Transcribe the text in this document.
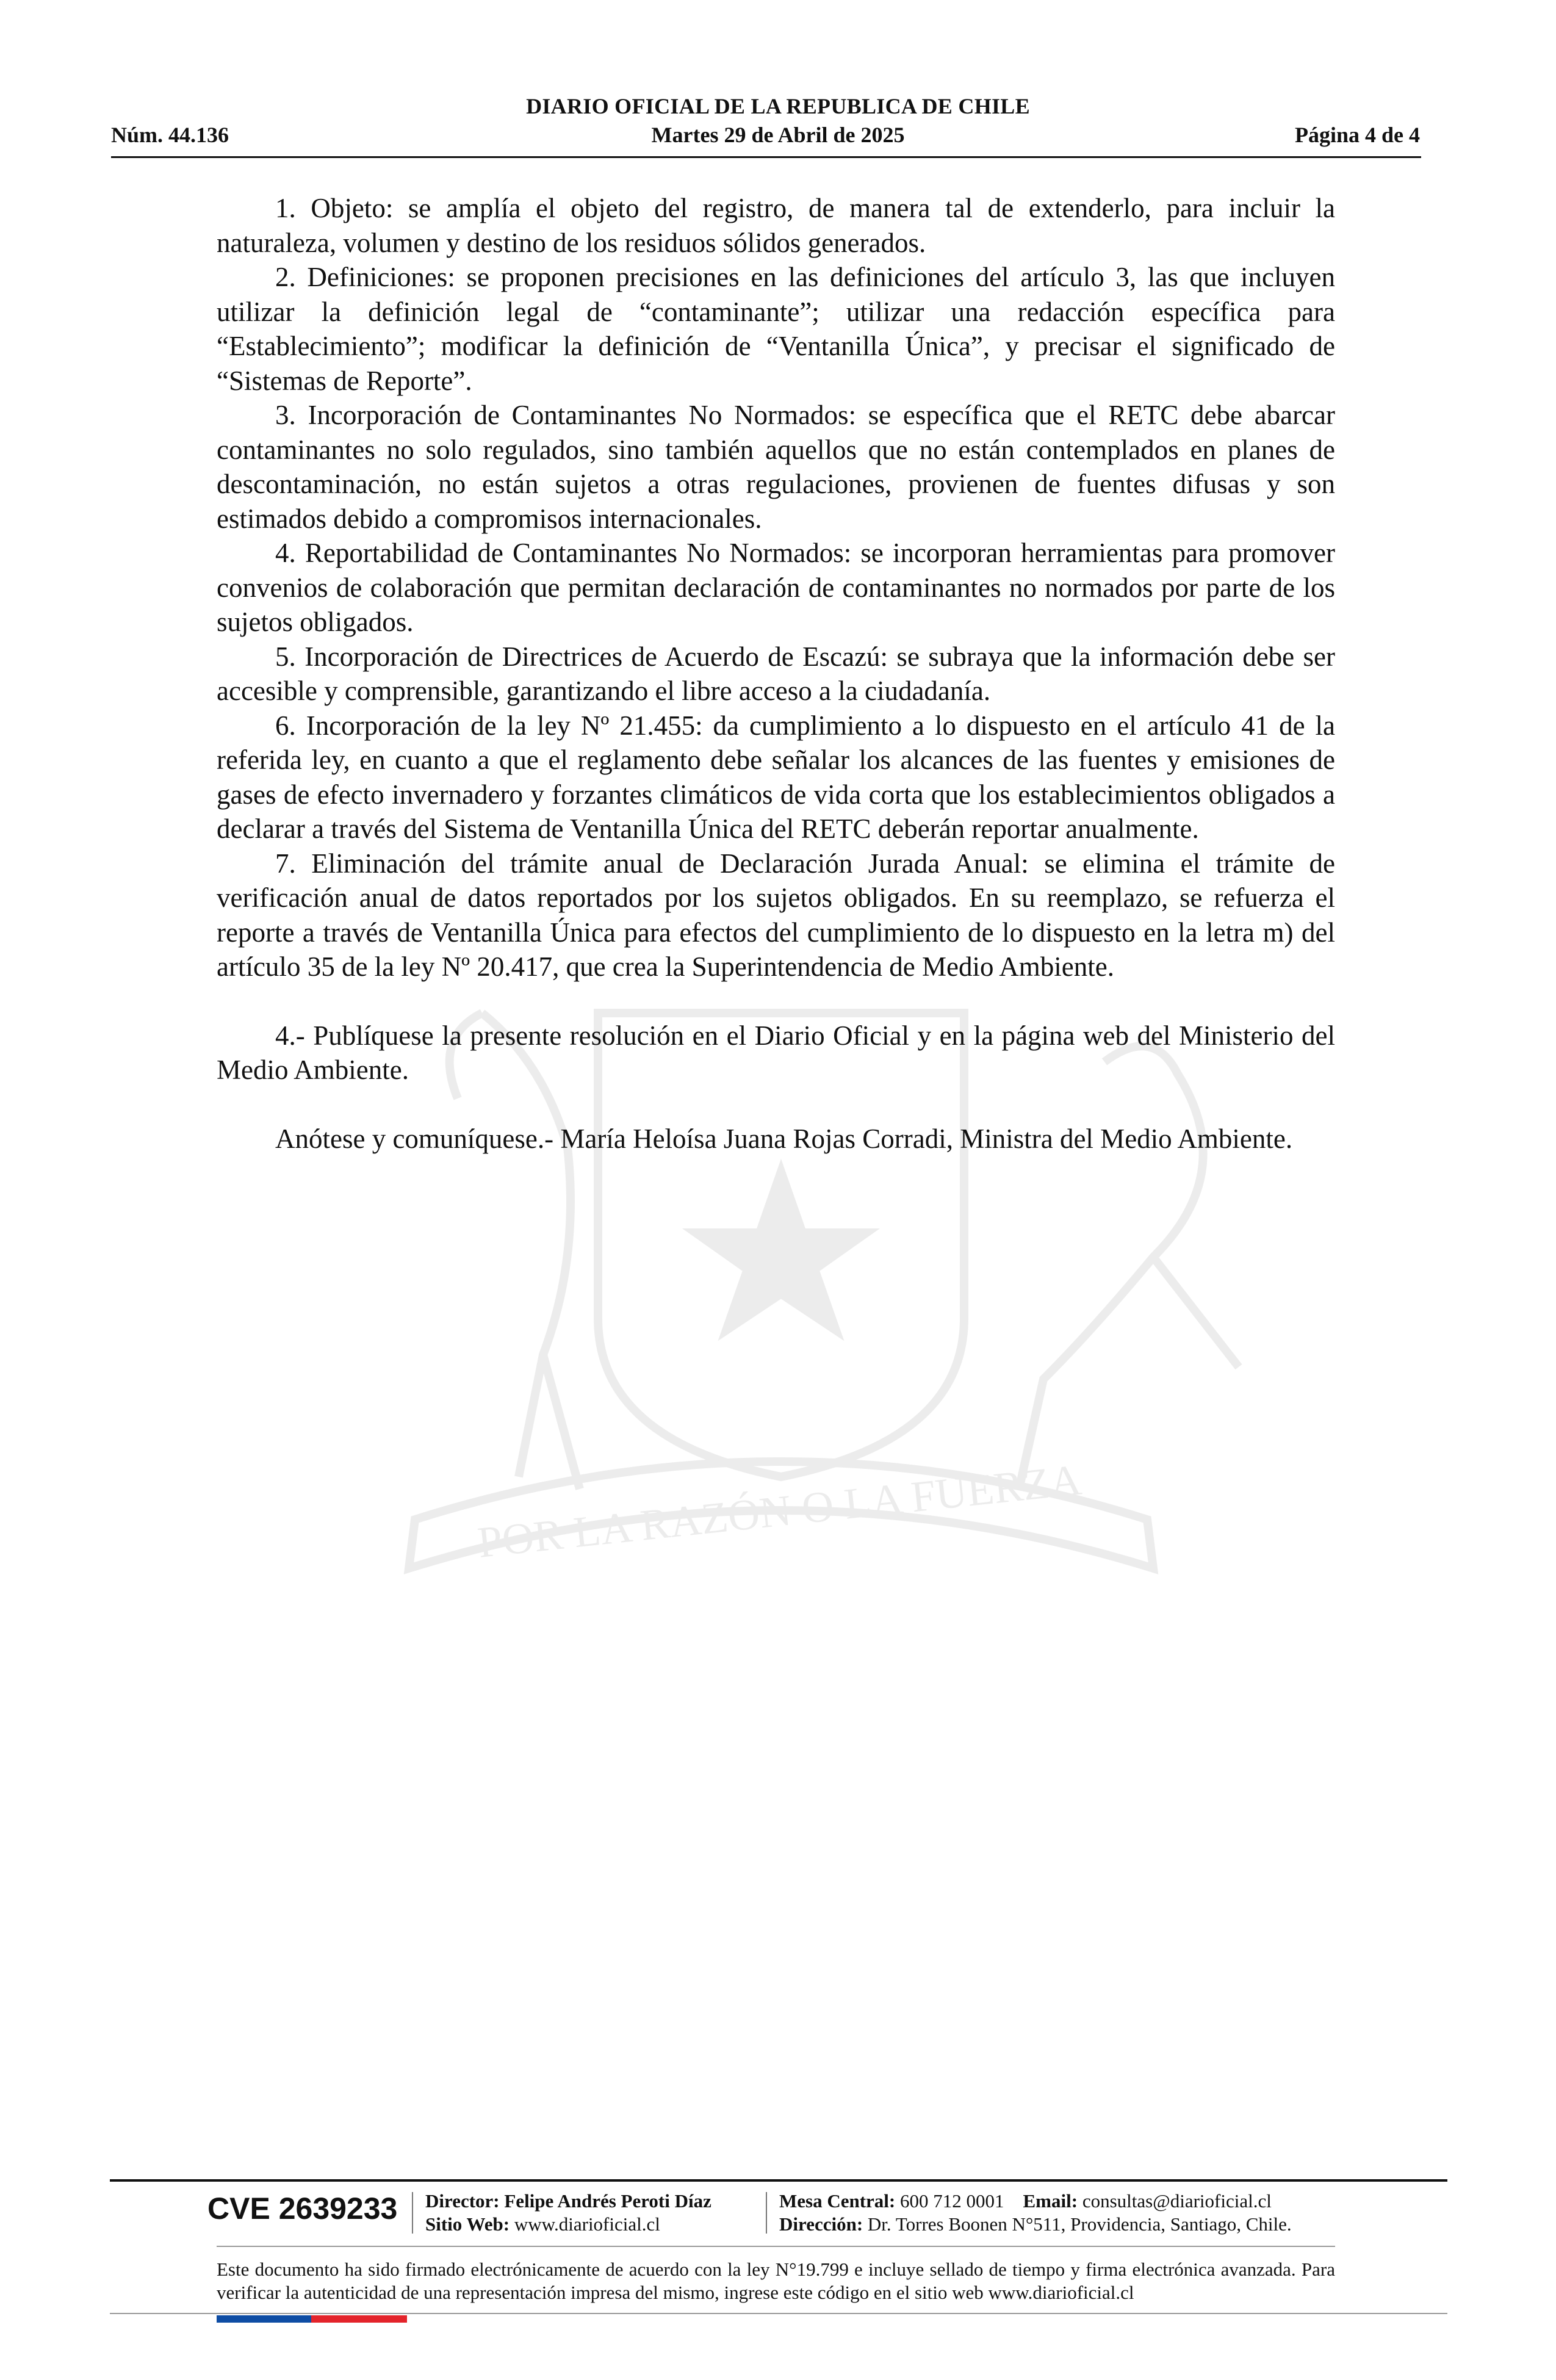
DIARIO OFICIAL DE LA REPUBLICA DE CHILE
Núm. 44.136	Martes 29 de Abril de 2025	Página 4 de 4
POR LA RAZÓN O LA FUERZA

1. Objeto: se amplía el objeto del registro, de manera tal de extenderlo, para incluir la naturaleza, volumen y destino de los residuos sólidos generados.

2. Definiciones: se proponen precisiones en las definiciones del artículo 3, las que incluyen utilizar la definición legal de “contaminante”; utilizar una redacción específica para “Establecimiento”; modificar la definición de “Ventanilla Única”, y precisar el significado de “Sistemas de Reporte”.

3. Incorporación de Contaminantes No Normados: se específica que el RETC debe abarcar contaminantes no solo regulados, sino también aquellos que no están contemplados en planes de descontaminación, no están sujetos a otras regulaciones, provienen de fuentes difusas y son estimados debido a compromisos internacionales.

4. Reportabilidad de Contaminantes No Normados: se incorporan herramientas para promover convenios de colaboración que permitan declaración de contaminantes no normados por parte de los sujetos obligados.

5. Incorporación de Directrices de Acuerdo de Escazú: se subraya que la información debe ser accesible y comprensible, garantizando el libre acceso a la ciudadanía.

6. Incorporación de la ley Nº 21.455: da cumplimiento a lo dispuesto en el artículo 41 de la referida ley, en cuanto a que el reglamento debe señalar los alcances de las fuentes y emisiones de gases de efecto invernadero y forzantes climáticos de vida corta que los establecimientos obligados a declarar a través del Sistema de Ventanilla Única del RETC deberán reportar anualmente.

7. Eliminación del trámite anual de Declaración Jurada Anual: se elimina el trámite de verificación anual de datos reportados por los sujetos obligados. En su reemplazo, se refuerza el reporte a través de Ventanilla Única para efectos del cumplimiento de lo dispuesto en la letra m) del artículo 35 de la ley Nº 20.417, que crea la Superintendencia de Medio Ambiente.

4.- Publíquese la presente resolución en el Diario Oficial y en la página web del Ministerio del Medio Ambiente.

Anótese y comuníquese.- María Heloísa Juana Rojas Corradi, Ministra del Medio Ambiente.

CVE 2639233 Director: Felipe Andrés Peroti Díaz
Sitio Web: www.diarioficial.cl
Mesa Central: 600 712 0001 Email: consultas@diarioficial.cl
Dirección: Dr. Torres Boonen N°511, Providencia, Santiago, Chile.
Este documento ha sido firmado electrónicamente de acuerdo con la ley N°19.799 e incluye sellado de tiempo y firma electrónica avanzada. Para verificar la autenticidad de una representación impresa del mismo, ingrese este código en el sitio web www.diarioficial.cl
